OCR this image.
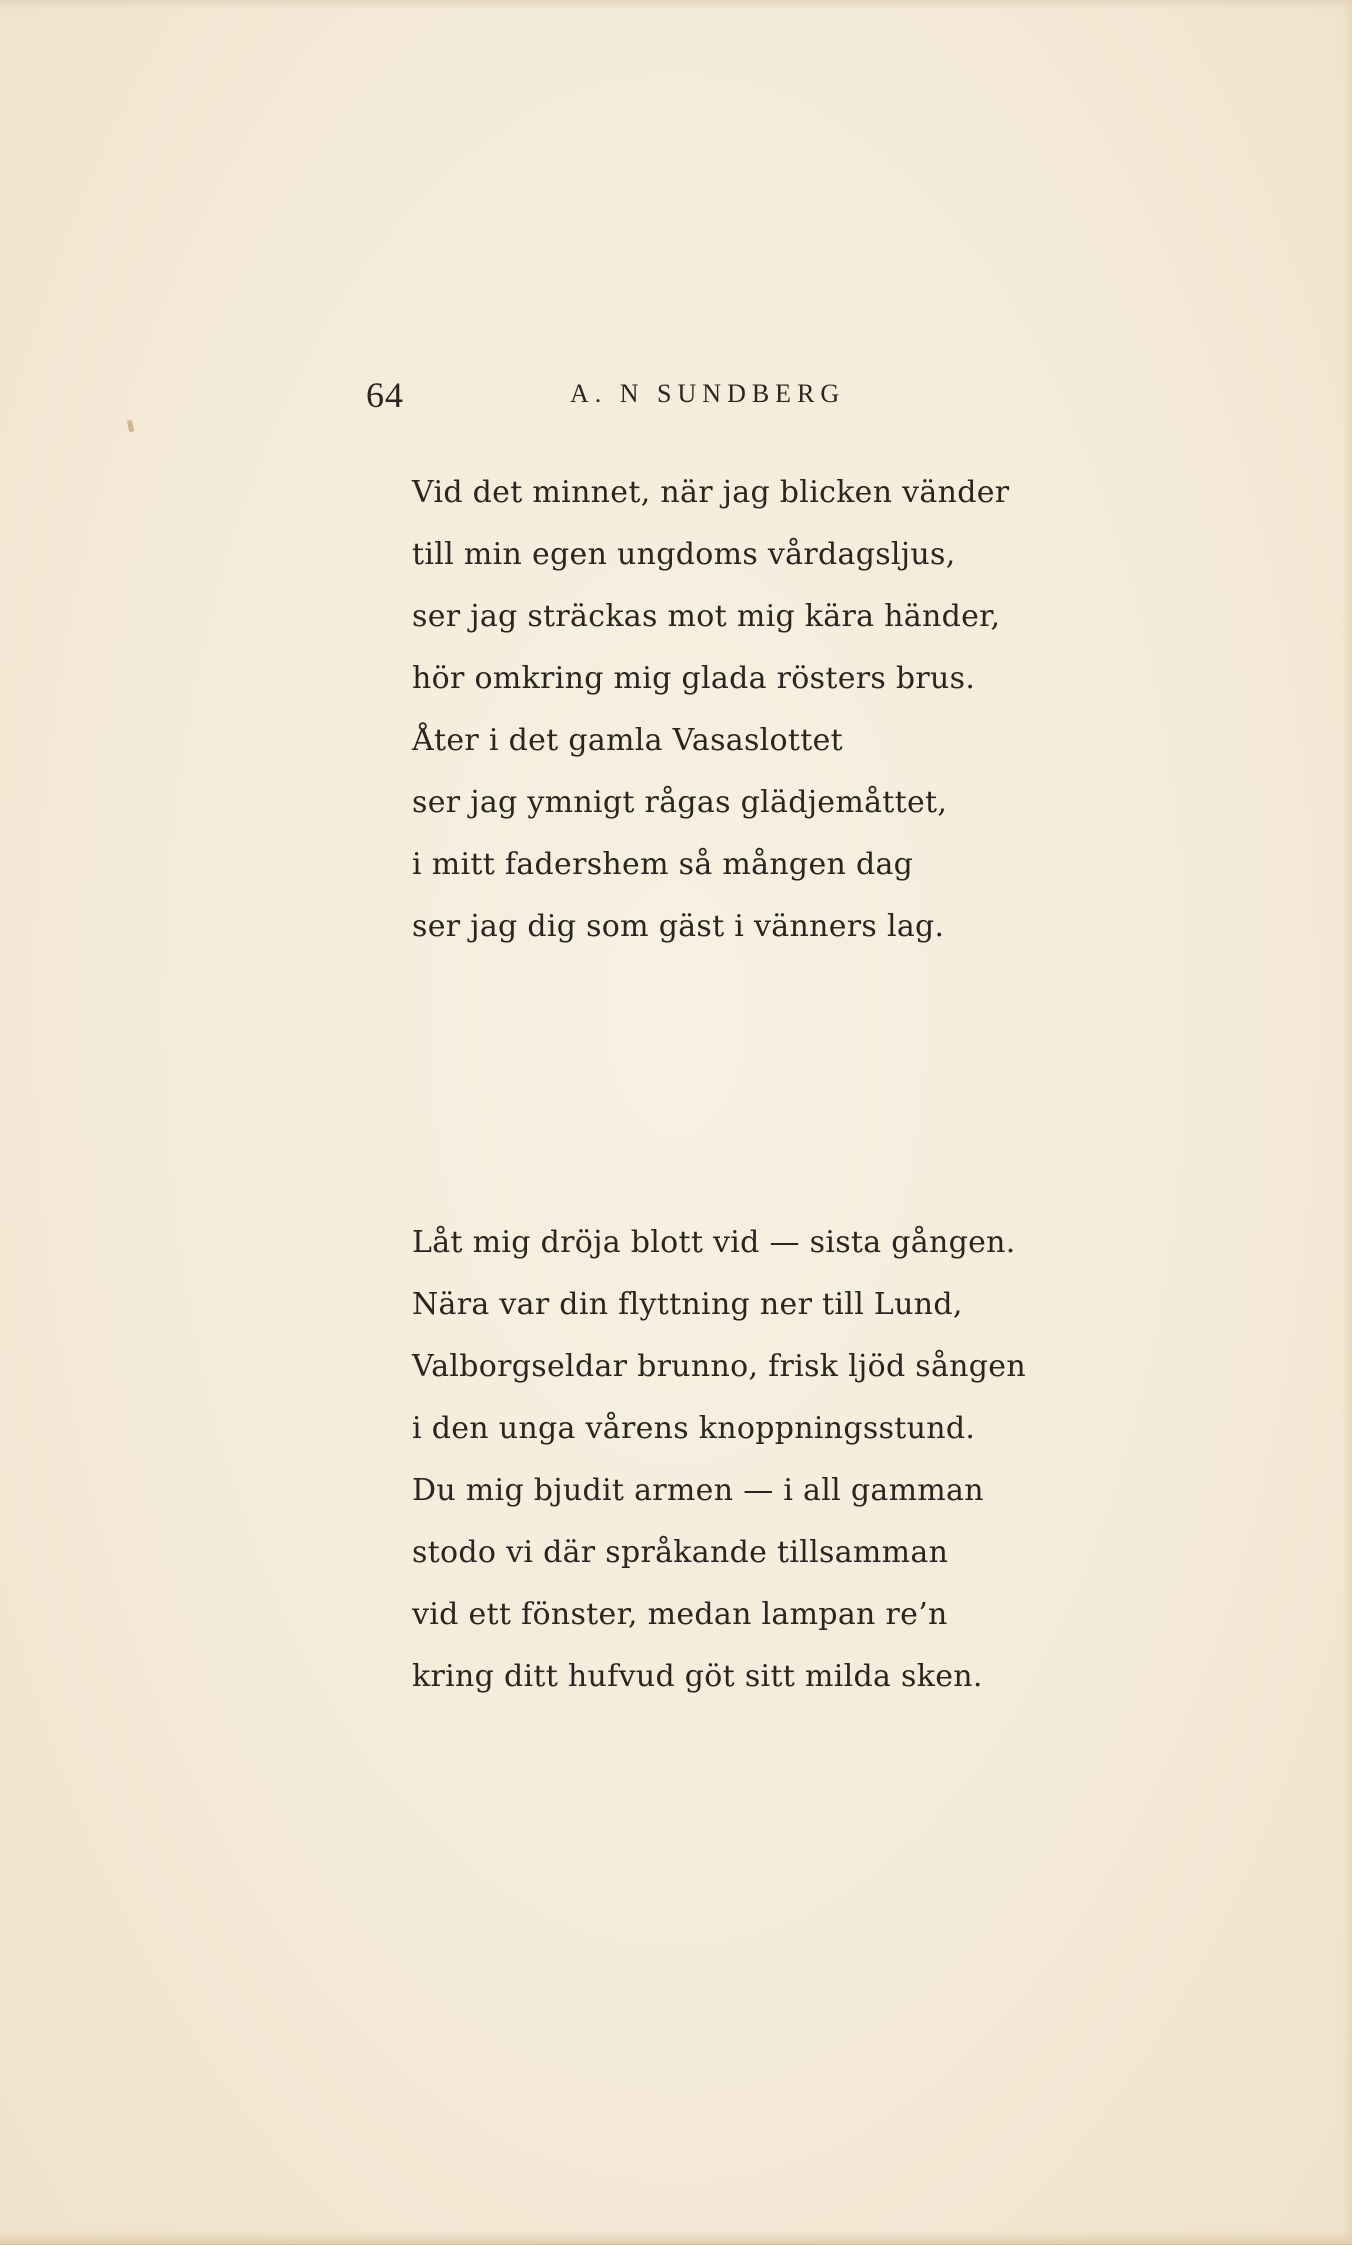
64	A. N SUNDBERG
Vid det minnet, när jag blicken vänder
till min egen ungdoms vårdagsljus,
ser jag sträckas mot mig kära händer,
hör omkring mig glada rösters brus.
Åter i det gamla Vasaslottet
ser jag ymnigt rågas glädjemåttet,
i mitt fadershem så mången dag
ser jag dig som gäst i vänners lag.
Låt mig dröja blott vid — sista gången.
Nära var din flyttning ner till Lund,
Valborgseldar brunno, frisk ljöd sången
i den unga vårens knoppningsstund.
Du mig bjudit armen — i all gamman
stodo vi där språkande tillsamman
vid ett fönster, medan lampan re’n
kring ditt hufvud göt sitt milda sken.
